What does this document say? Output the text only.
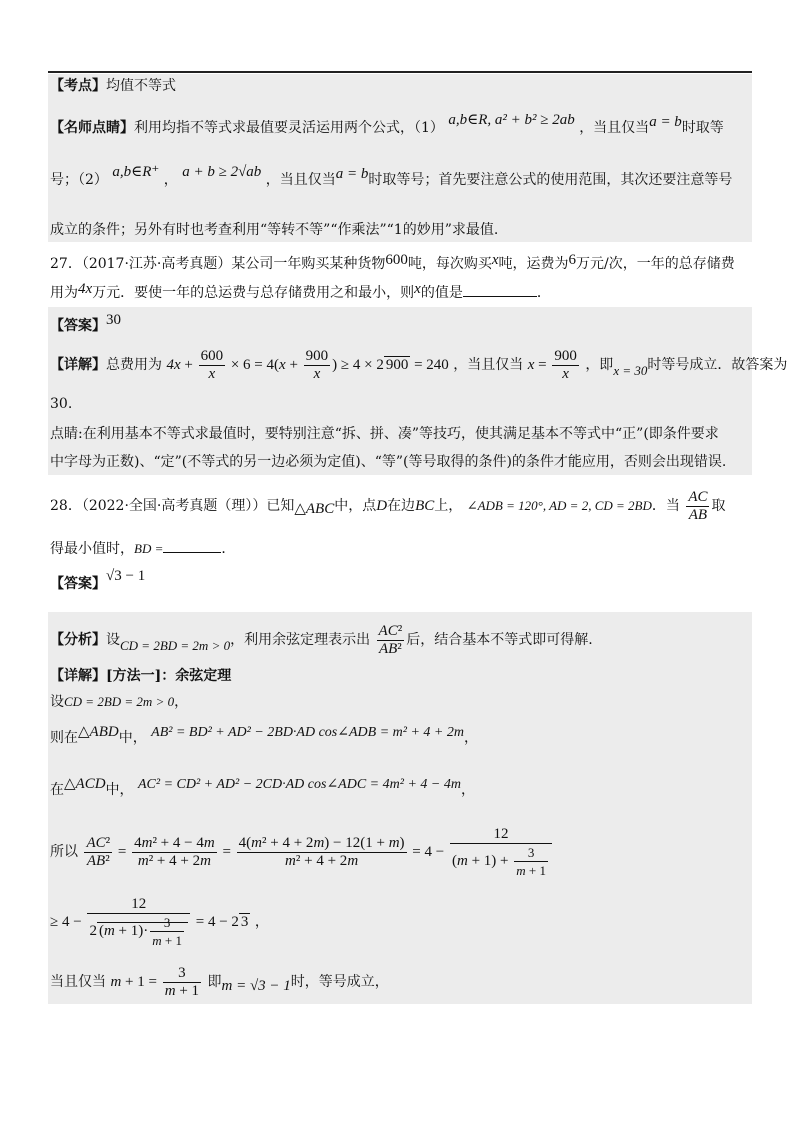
【考点】均值不等式
【名师点睛】利用均指不等式求最值要灵活运用两个公式，（1） a,b∈R, a² + b² ≥ 2ab ，当且仅当a = b时取等
号；（2） a,b∈R⁺ ， a + b ≥ 2√ab ，当且仅当a = b时取等号；首先要注意公式的使用范围，其次还要注意等号
成立的条件；另外有时也考查利用“等转不等”“作乘法”“1的妙用”求最值.
27．（2017·江苏·高考真题）某公司一年购买某种货物600吨，每次购买x吨，运费为6万元/次，一年的总存储费
用为4x万元．要使一年的总运费与总存储费用之和最小，则x的值是	．
【答案】30
【详解】总费用为 $4x + \frac{600}{x} \times 6 = 4(x + \frac{900}{x}$ ) ≥ 4 × 2 900 = 240 ，当且仅当 $x = \frac{900}{x}$ ，即x = 30时等号成立．故答案为
30.
点睛:在利用基本不等式求最值时，要特别注意“拆、拼、凑”等技巧，使其满足基本不等式中“正”(即条件要求
中字母为正数)、“定”(不等式的另一边必须为定值)、“等”(等号取得的条件)的条件才能应用，否则会出现错误.
28．（2022·全国·高考真题（理））已知△ABC中，点D在边BC上， ∠ADB = 120°, AD = 2, CD = 2BD．当 $\frac{AC}{AB}$ 取
得最小值时，BD =	．
【答案】√3 − 1
【分析】设CD = 2BD = 2m > 0，利用余弦定理表示出 $\frac{\text{AC²}}{\text{AB²}}$ 后，结合基本不等式即可得解.
【详解】[方法一]：余弦定理
设CD = 2BD = 2m > 0，
则在△ABD中， AB² = BD² + AD² − 2BD·AD cos∠ADB = m² + 4 + 2m，
在△ACD中， AC² = CD² + AD² − 2CD·AD cos∠ADC = 4m² + 4 − 4m，
所以 $\frac{\text{AC²}}{\text{AB²}} = \frac{\text{4m² + 4 − 4m}}{\text{m² + 4 + 2m}} = \frac{\text{4(m² + 4 + 2m) − 12(1 + m)}}{\text{m² + 4 + 2m}} = 4 - \frac{12}{(m + 1) + \frac{3}{m + 1}}$
≥ $4 - \frac{12}{2 (m + 1)\cdot \frac{3}{m + 1}} = 4 - 2$ 3 ，
当且仅当 $m + 1 = \frac{3}{m + 1}$ 即m = √3 − 1时，等号成立，
